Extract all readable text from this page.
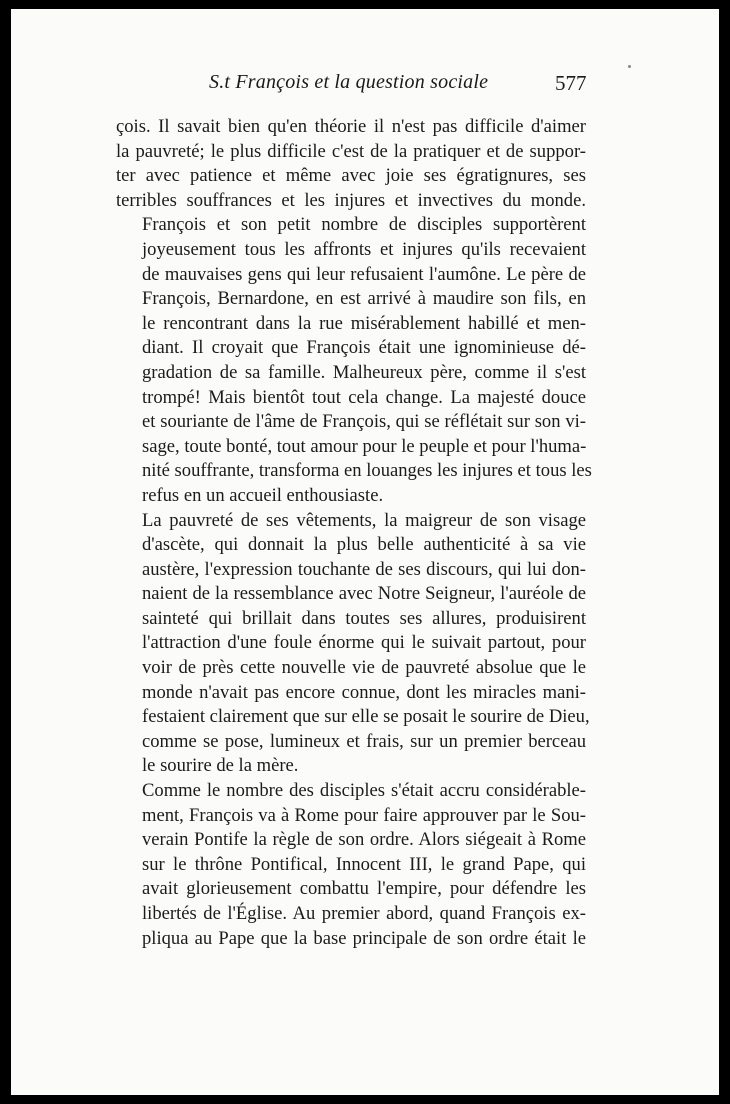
S.t François et la question sociale	577

çois. Il savait bien qu'en théorie il n'est pas difficile d'aimer
la pauvreté; le plus difficile c'est de la pratiquer et de suppor-
ter avec patience et même avec joie ses égratignures, ses
terribles souffrances et les injures et invectives du monde.

François et son petit nombre de disciples supportèrent
joyeusement tous les affronts et injures qu'ils recevaient
de mauvaises gens qui leur refusaient l'aumône. Le père de
François, Bernardone, en est arrivé à maudire son fils, en
le rencontrant dans la rue misérablement habillé et men-
diant. Il croyait que François était une ignominieuse dé-
gradation de sa famille. Malheureux père, comme il s'est
trompé! Mais bientôt tout cela change. La majesté douce
et souriante de l'âme de François, qui se réflétait sur son vi-
sage, toute bonté, tout amour pour le peuple et pour l'huma-
nité souffrante, transforma en louanges les injures et tous les
refus en un accueil enthousiaste.

La pauvreté de ses vêtements, la maigreur de son visage
d'ascète, qui donnait la plus belle authenticité à sa vie
austère, l'expression touchante de ses discours, qui lui don-
naient de la ressemblance avec Notre Seigneur, l'auréole de
sainteté qui brillait dans toutes ses allures, produisirent
l'attraction d'une foule énorme qui le suivait partout, pour
voir de près cette nouvelle vie de pauvreté absolue que le
monde n'avait pas encore connue, dont les miracles mani-
festaient clairement que sur elle se posait le sourire de Dieu,
comme se pose, lumineux et frais, sur un premier berceau
le sourire de la mère.

Comme le nombre des disciples s'était accru considérable-
ment, François va à Rome pour faire approuver par le Sou-
verain Pontife la règle de son ordre. Alors siégeait à Rome
sur le thrône Pontifical, Innocent III, le grand Pape, qui
avait glorieusement combattu l'empire, pour défendre les
libertés de l'Église. Au premier abord, quand François ex-
pliqua au Pape que la base principale de son ordre était le
